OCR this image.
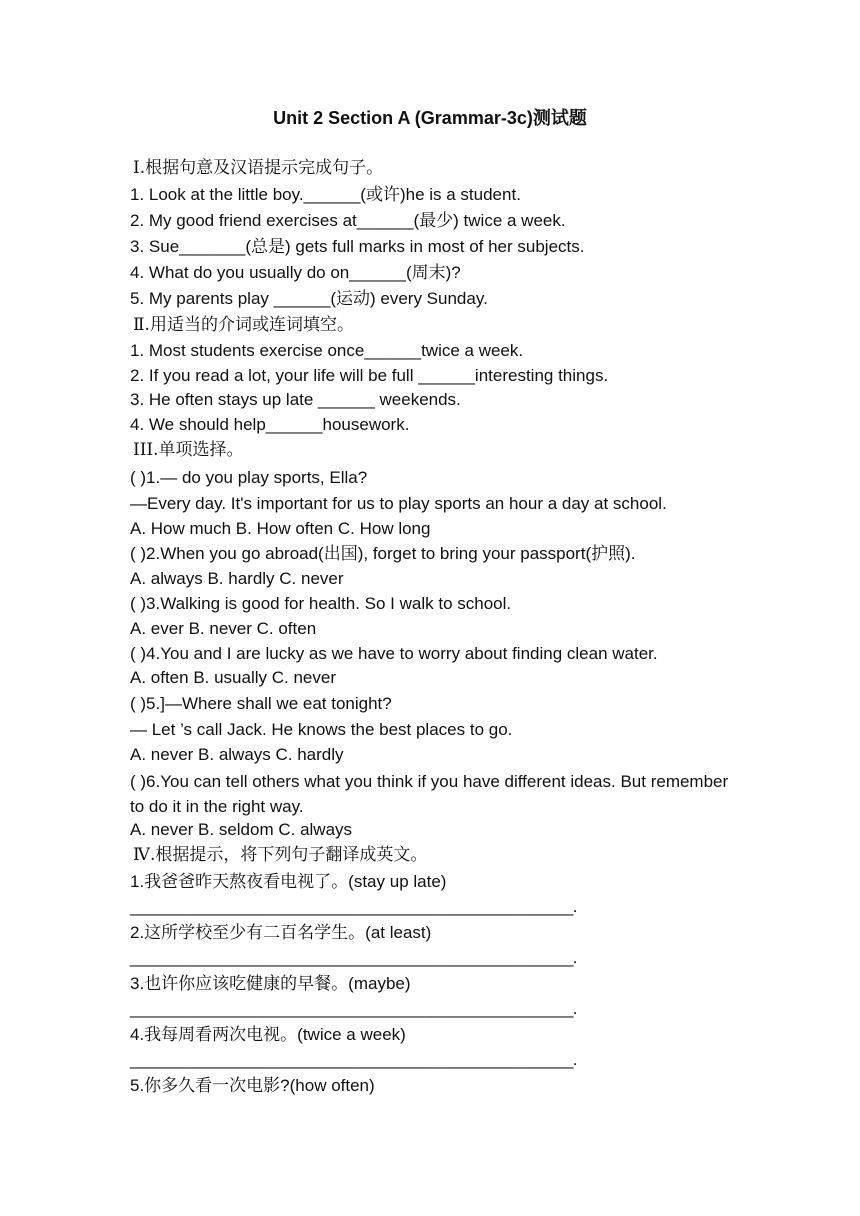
Unit 2 Section A (Grammar-3c)测试题
Ⅰ.根据句意及汉语提示完成句子。
1. Look at the little boy.______(或许)he is a student.
2. My good friend exercises at______(最少) twice a week.
3. Sue_______(总是) gets full marks in most of her subjects.
4. What do you usually do on______(周末)?
5. My parents play ______(运动) every Sunday.
Ⅱ.用适当的介词或连词填空。
1. Most students exercise once______twice a week.
2. If you read a lot, your life will be full ______interesting things.
3. He often stays up late ______ weekends.
4. We should help______housework.
III.单项选择。
( )1.— do you play sports, Ella?
—Every day. It's important for us to play sports an hour a day at school.
A. How much B. How often C. How long
( )2.When you go abroad(出国), forget to bring your passport(护照).
A. always B. hardly C. never
( )3.Walking is good for health. So I walk to school.
A. ever B. never C. often
( )4.You and I are lucky as we have to worry about finding clean water.
A. often B. usually C. never
( )5.]—Where shall we eat tonight?
— Let ’s call Jack. He knows the best places to go.
A. never B. always C. hardly
( )6.You can tell others what you think if you have different ideas. But remember to do it in the right way.
A. never B. seldom C. always
Ⅳ.根据提示，将下列句子翻译成英文。
1.我爸爸昨天熬夜看电视了。(stay up late)
__________________________________________________.
2.这所学校至少有二百名学生。(at least)
__________________________________________________.
3.也许你应该吃健康的早餐。(maybe)
__________________________________________________.
4.我每周看两次电视。(twice a week)
__________________________________________________.
5.你多久看一次电影?(how often)
